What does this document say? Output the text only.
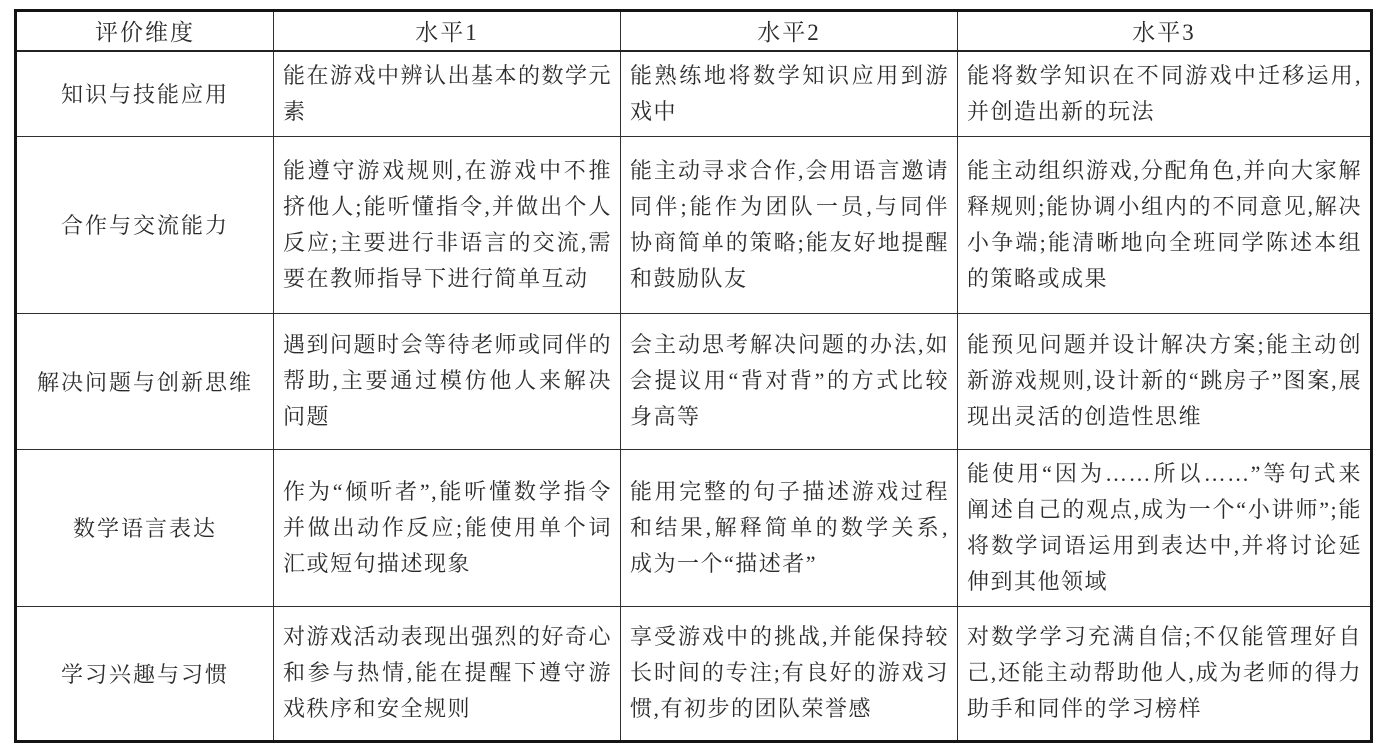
评价维度	水平1	水平2	水平3
知识与技能应用	能在游戏中辨认出基本的数学元素	能熟练地将数学知识应用到游戏中	能将数学知识在不同游戏中迁移运用,并创造出新的玩法
合作与交流能力	能遵守游戏规则,在游戏中不推挤他人;能听懂指令,并做出个人反应;主要进行非语言的交流,需要在教师指导下进行简单互动	能主动寻求合作,会用语言邀请同伴;能作为团队一员,与同伴协商简单的策略;能友好地提醒和鼓励队友	能主动组织游戏,分配角色,并向大家解释规则;能协调小组内的不同意见,解决小争端;能清晰地向全班同学陈述本组的策略或成果
解决问题与创新思维	遇到问题时会等待老师或同伴的帮助,主要通过模仿他人来解决问题	会主动思考解决问题的办法,如会提议用“背对背”的方式比较身高等	能预见问题并设计解决方案;能主动创新游戏规则,设计新的“跳房子”图案,展现出灵活的创造性思维
数学语言表达	作为“倾听者”,能听懂数学指令并做出动作反应;能使用单个词汇或短句描述现象	能用完整的句子描述游戏过程和结果,解释简单的数学关系,成为一个“描述者”	能使用“因为……所以……”等句式来阐述自己的观点,成为一个“小讲师”;能将数学词语运用到表达中,并将讨论延伸到其他领域
学习兴趣与习惯	对游戏活动表现出强烈的好奇心和参与热情,能在提醒下遵守游戏秩序和安全规则	享受游戏中的挑战,并能保持较长时间的专注;有良好的游戏习惯,有初步的团队荣誉感	对数学学习充满自信;不仅能管理好自己,还能主动帮助他人,成为老师的得力助手和同伴的学习榜样
